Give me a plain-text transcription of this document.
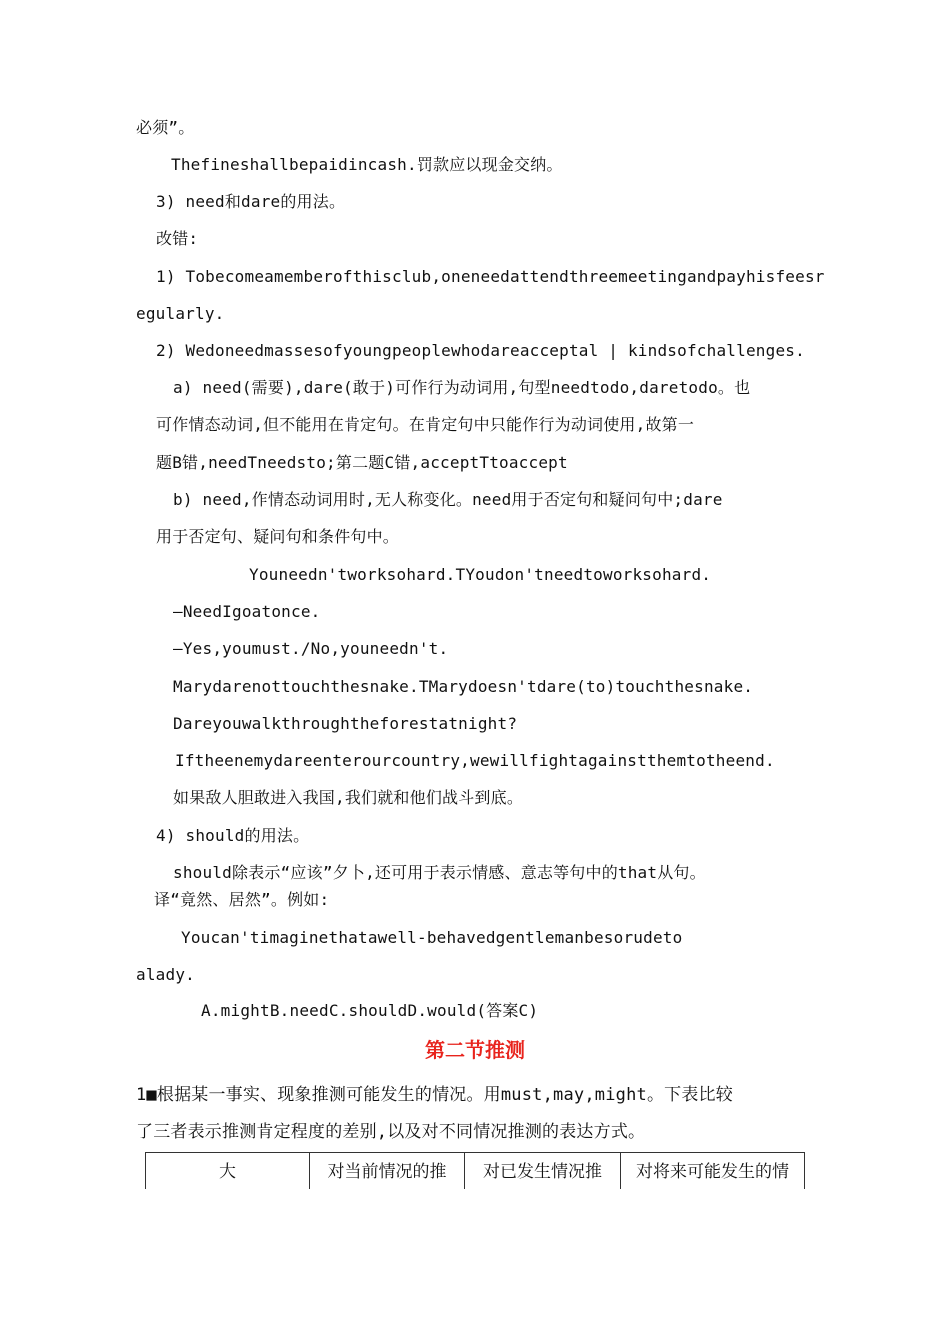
必须”。
Thefineshallbepaidincash.罚款应以现金交纳。
3) need和dare的用法。
改错:
1) Tobecomeamemberofthisclub,oneneedattendthreemeetingandpayhisfeesr
egularly.
2) Wedoneedmassesofyoungpeoplewhodareacceptal | kindsofchallenges.
a) need(需要),dare(敢于)可作行为动词用,句型needtodo,daretodo。也
可作情态动词,但不能用在肯定句。在肯定句中只能作行为动词使用,故第一
题B错,needTneedsto;第二题C错,acceptTtoaccept
b) need,作情态动词用时,无人称变化。need用于否定句和疑问句中;dare
用于否定句、疑问句和条件句中。
Youneedn'tworksohard.TYoudon'tneedtoworksohard.
—NeedIgoatonce.
—Yes,youmust./No,youneedn't.
Marydarenottouchthesnake.TMarydoesn'tdare(to)touchthesnake.
Dareyouwalkthroughtheforestatnight?
Iftheenemydareenterourcountry,wewillfightagainstthemtotheend.
如果敌人胆敢进入我国,我们就和他们战斗到底。
4) should的用法。
should除表示“应该”夕卜,还可用于表示情感、意志等句中的that从句。
译“竟然、居然”。例如:
Youcan'timaginethatawell-behavedgentlemanbesorudeto
alady.
A.mightB.needC.shouldD.would(答案C)
第二节推测
1■根据某一事实、现象推测可能发生的情况。用must,may,might。下表比较
了三者表示推测肯定程度的差别,以及对不同情况推测的表达方式。
大	对当前情况的推	对已发生情况推	对将来可能发生的情
